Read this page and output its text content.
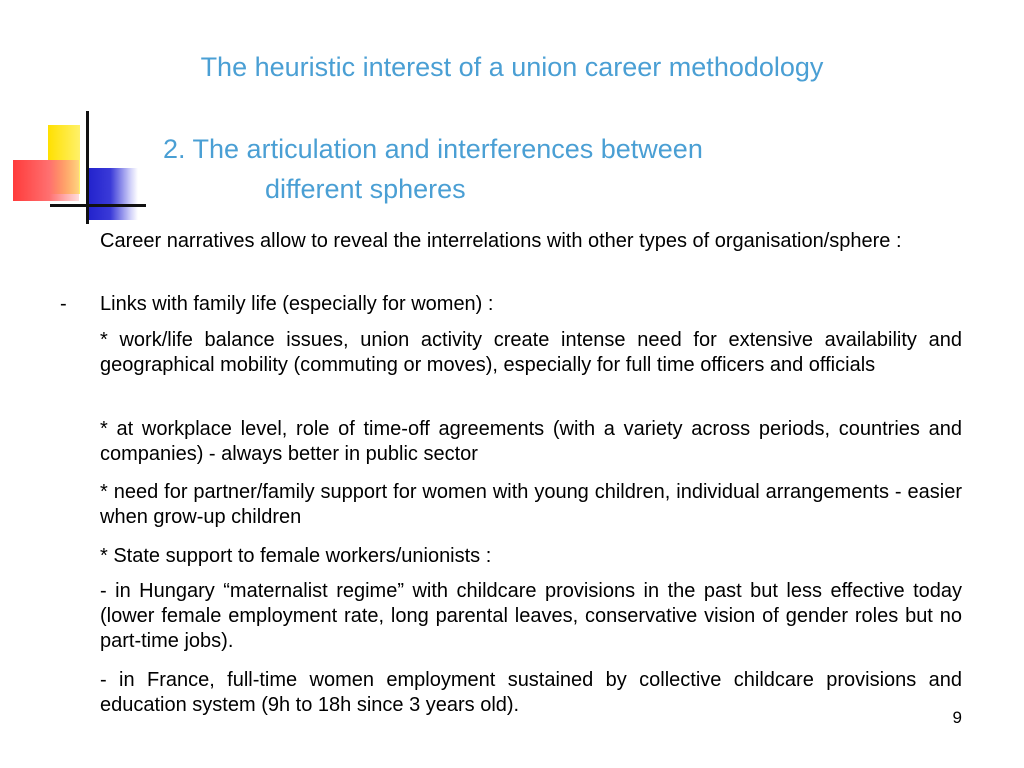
The heuristic interest of a union career methodology
2. The articulation and interferences between
different spheres

Career narratives allow to reveal the interrelations with other types of organisation/sphere :

- Links with family life (especially for women) :

* work/life balance issues, union activity create intense need for extensive availability and geographical mobility (commuting or moves), especially for full time officers and officials

* at workplace level, role of time-off agreements (with a variety across periods, countries and companies) - always better in public sector

* need for partner/family support for women with young children, individual arrangements - easier when grow-up children

* State support to female workers/unionists :

- in Hungary “maternalist regime” with childcare provisions in the past but less effective today (lower female employment rate, long parental leaves, conservative vision of gender roles but no part-time jobs).

- in France, full-time women employment sustained by collective childcare provisions and education system (9h to 18h since 3 years old).

9
